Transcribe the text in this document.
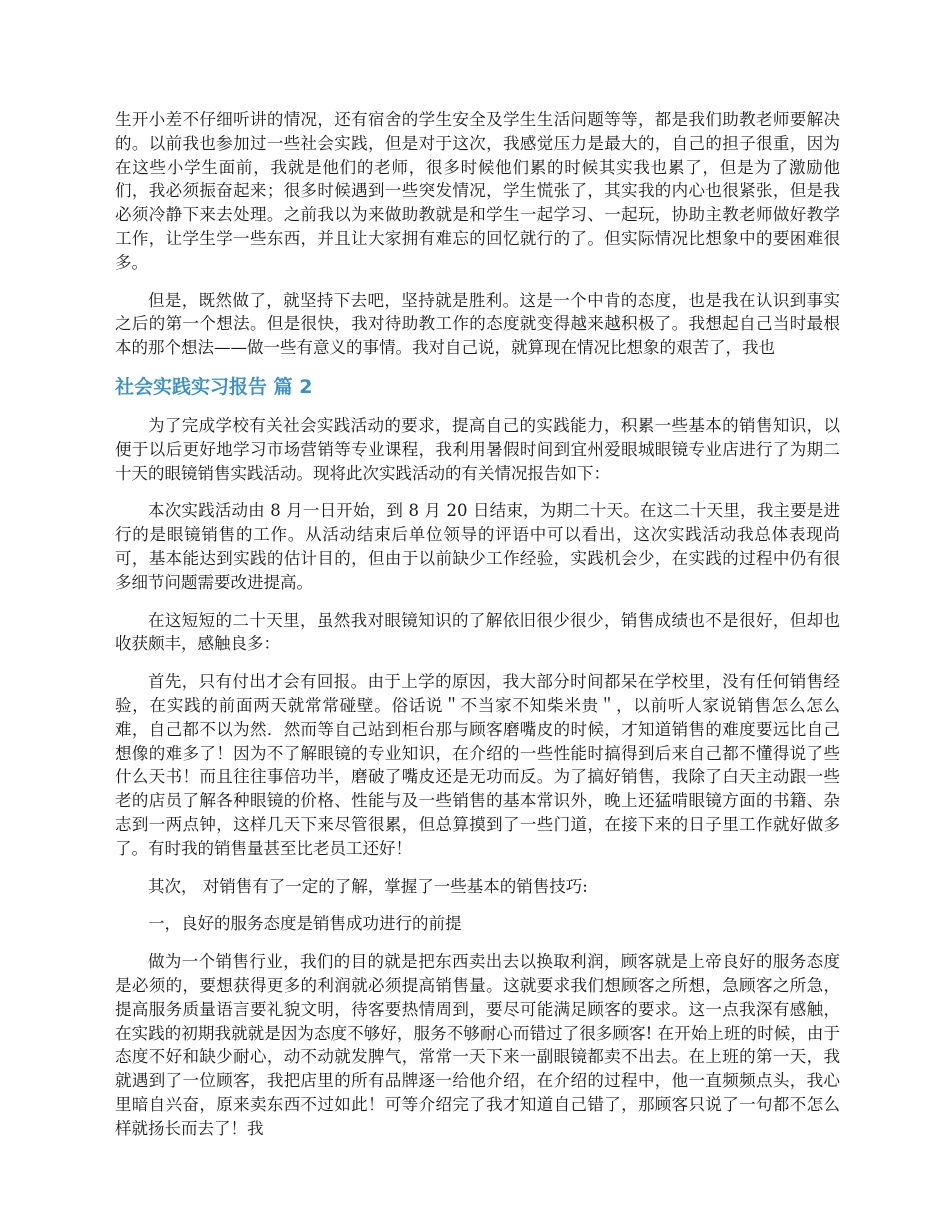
生开小差不仔细听讲的情况，还有宿舍的学生安全及学生生活问题等等，都是我们助教老师要解决的。以前我也参加过一些社会实践，但是对于这次，我感觉压力是最大的，自己的担子很重，因为在这些小学生面前，我就是他们的老师，很多时候他们累的时候其实我也累了，但是为了激励他们，我必须振奋起来；很多时候遇到一些突发情况，学生慌张了，其实我的内心也很紧张，但是我必须冷静下来去处理。之前我以为来做助教就是和学生一起学习、一起玩，协助主教老师做好教学工作，让学生学一些东西，并且让大家拥有难忘的回忆就行的了。但实际情况比想象中的要困难很多。

但是，既然做了，就坚持下去吧，坚持就是胜利。这是一个中肯的态度，也是我在认识到事实之后的第一个想法。但是很快，我对待助教工作的态度就变得越来越积极了。我想起自己当时最根本的那个想法——做一些有意义的事情。我对自己说，就算现在情况比想象的艰苦了，我也

社会实践实习报告 篇 2

为了完成学校有关社会实践活动的要求，提高自己的实践能力，积累一些基本的销售知识，以便于以后更好地学习市场营销等专业课程，我利用暑假时间到宜州爱眼城眼镜专业店进行了为期二十天的眼镜销售实践活动。现将此次实践活动的有关情况报告如下：

本次实践活动由 8 月一日开始，到 8 月 20 日结束，为期二十天。在这二十天里，我主要是进行的是眼镜销售的工作。从活动结束后单位领导的评语中可以看出，这次实践活动我总体表现尚可，基本能达到实践的估计目的，但由于以前缺少工作经验，实践机会少，在实践的过程中仍有很多细节问题需要改进提高。

在这短短的二十天里，虽然我对眼镜知识的了解依旧很少很少，销售成绩也不是很好，但却也收获颇丰，感触良多：

首先，只有付出才会有回报。由于上学的原因，我大部分时间都呆在学校里，没有任何销售经验，在实践的前面两天就常常碰壁。俗话说＂不当家不知柴米贵＂，以前听人家说销售怎么怎么难，自己都不以为然．然而等自己站到柜台那与顾客磨嘴皮的时候，才知道销售的难度要远比自己想像的难多了！因为不了解眼镜的专业知识，在介绍的一些性能时搞得到后来自己都不懂得说了些什么天书！而且往往事倍功半，磨破了嘴皮还是无功而反。为了搞好销售，我除了白天主动跟一些老的店员了解各种眼镜的价格、性能与及一些销售的基本常识外，晚上还猛啃眼镜方面的书籍、杂志到一两点钟，这样几天下来尽管很累，但总算摸到了一些门道，在接下来的日子里工作就好做多了。有时我的销售量甚至比老员工还好！

其次， 对销售有了一定的了解，掌握了一些基本的销售技巧:

一，良好的服务态度是销售成功进行的前提

做为一个销售行业，我们的目的就是把东西卖出去以换取利润，顾客就是上帝良好的服务态度是必须的，要想获得更多的利润就必须提高销售量。这就要求我们想顾客之所想，急顾客之所急，提高服务质量语言要礼貌文明，待客要热情周到，要尽可能满足顾客的要求。这一点我深有感触，在实践的初期我就就是因为态度不够好，服务不够耐心而错过了很多顾客! 在开始上班的时候，由于态度不好和缺少耐心，动不动就发脾气，常常一天下来一副眼镜都卖不出去。在上班的第一天，我就遇到了一位顾客，我把店里的所有品牌逐一给他介绍，在介绍的过程中，他一直频频点头，我心里暗自兴奋，原来卖东西不过如此！可等介绍完了我才知道自己错了，那顾客只说了一句都不怎么样就扬长而去了！我
